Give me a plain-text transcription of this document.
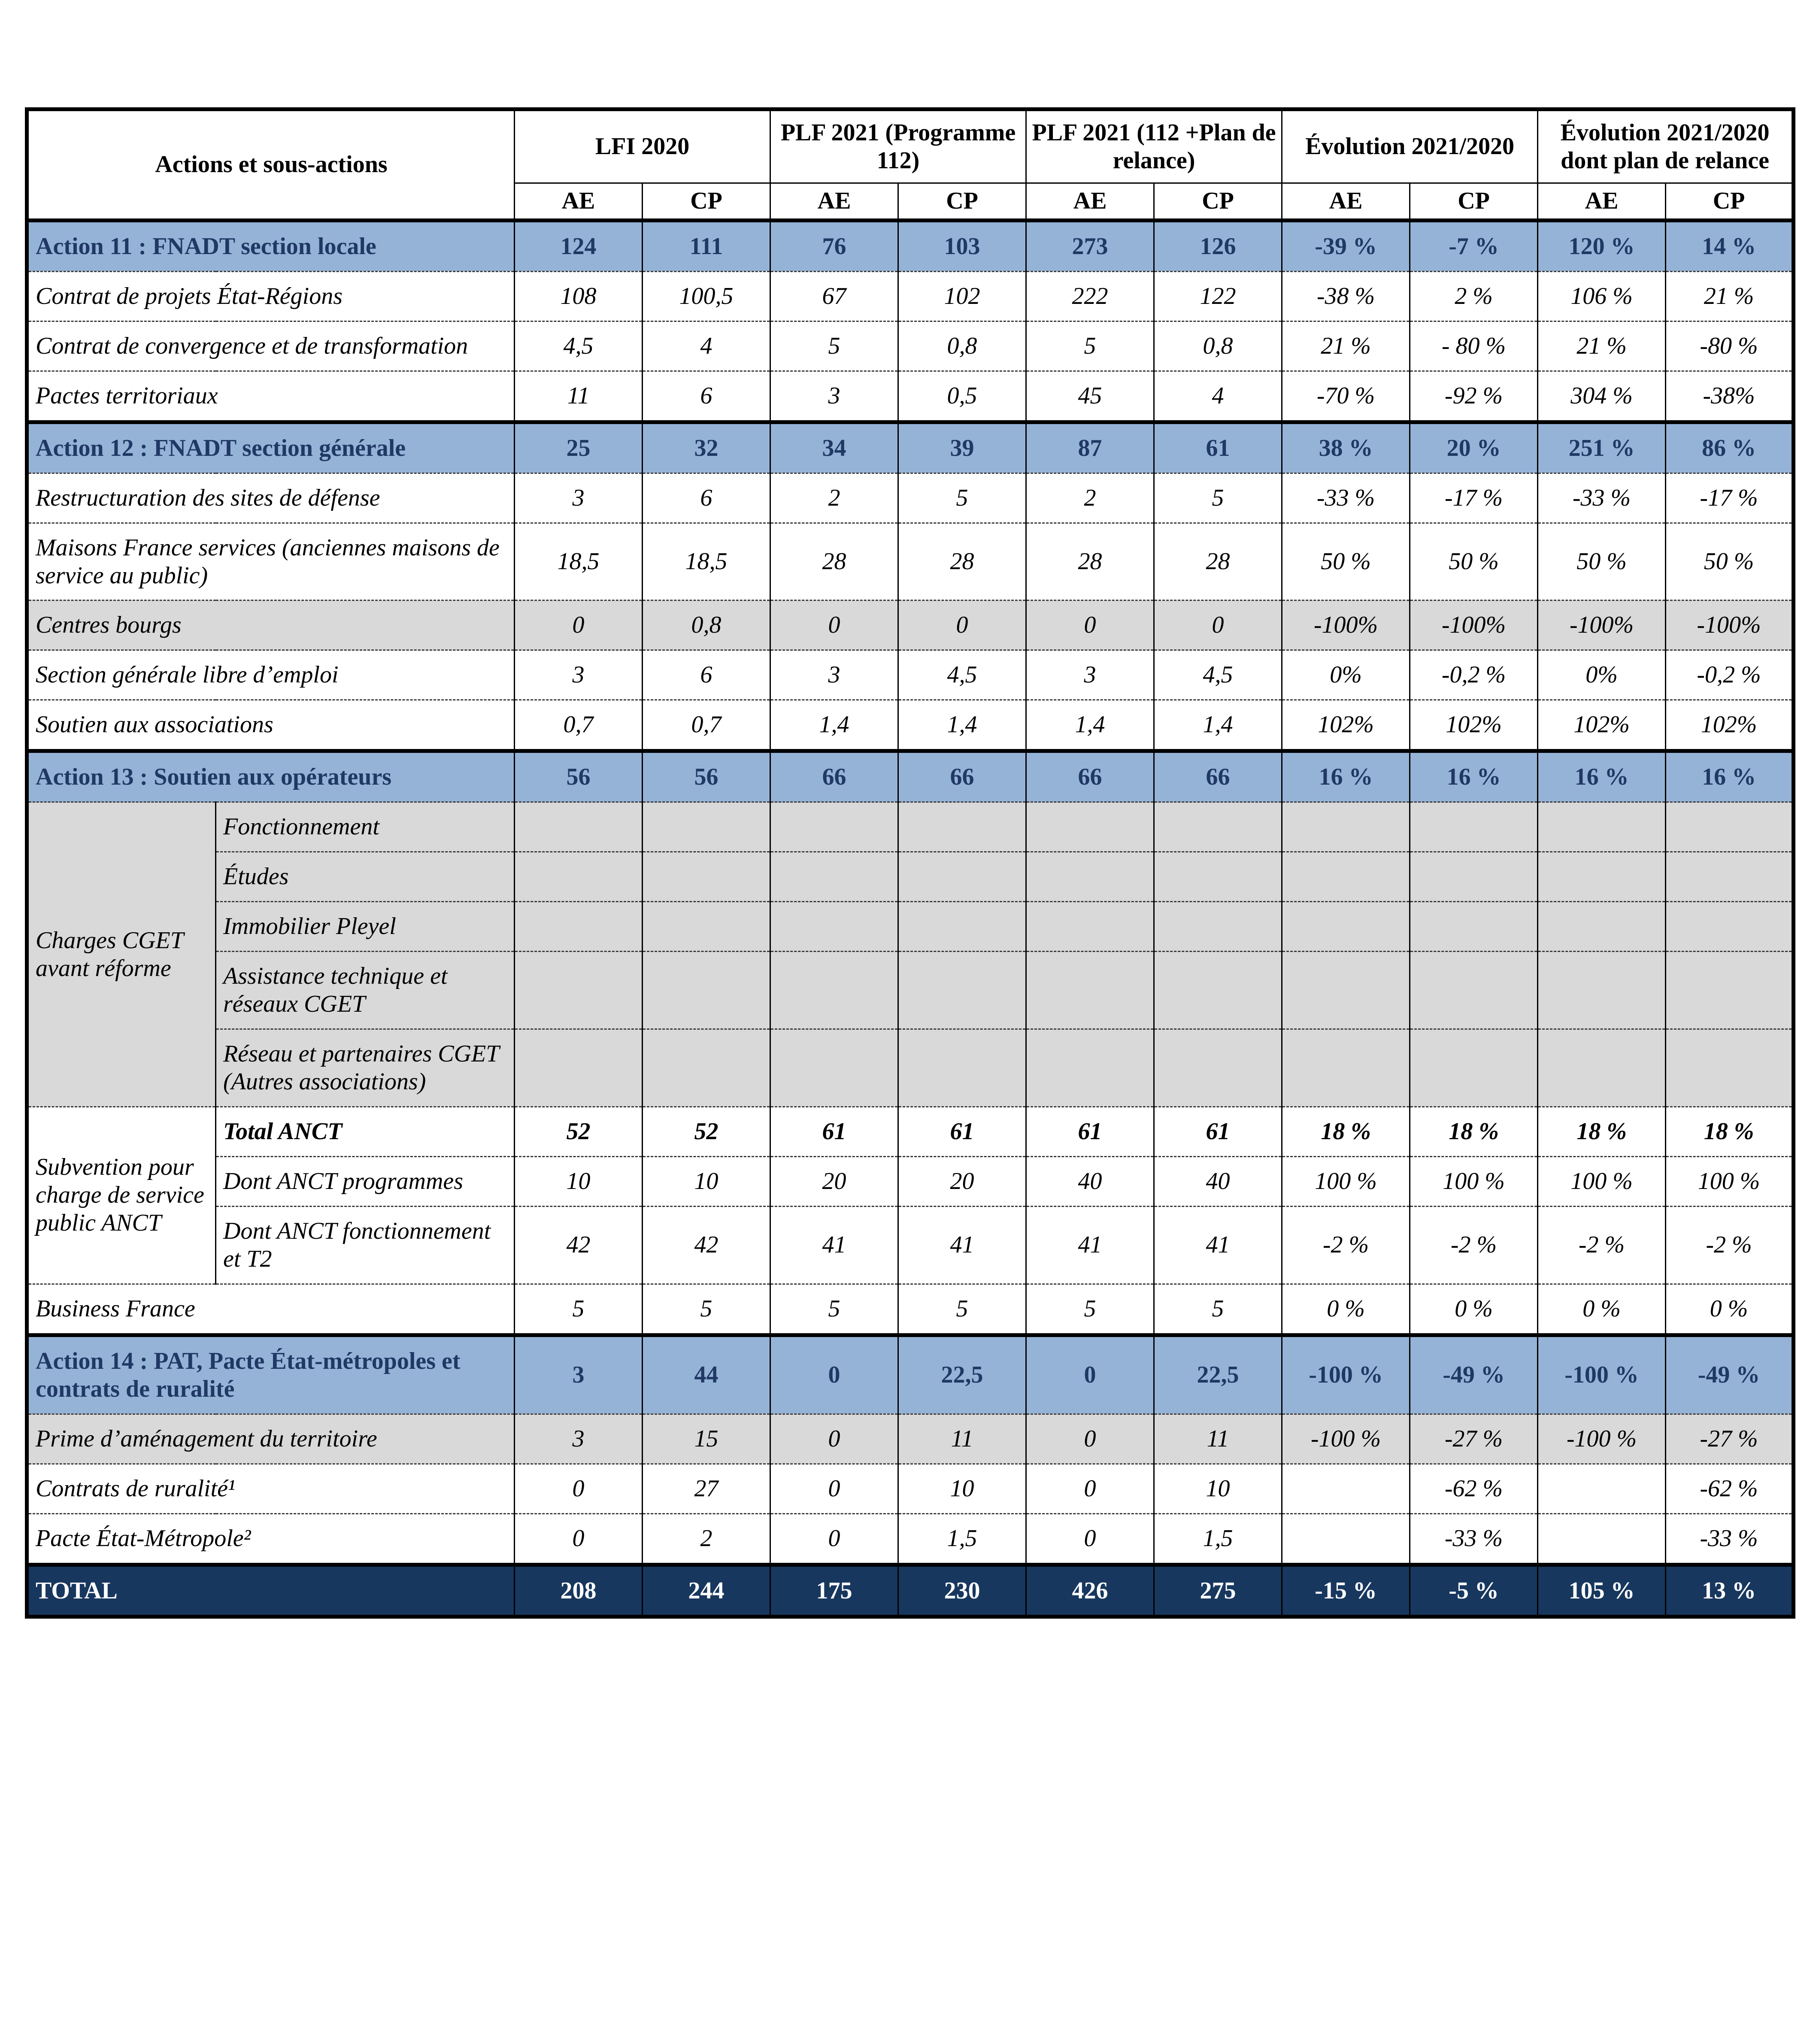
Actions et sous-actions		LFI 2020		PLF 2021 (Programme 112)		PLF 2021 (112 +Plan de relance)		Évolution 2021/2020		Évolution 2021/2020 dont plan de relance	
		AE	CP	AE	CP	AE	CP	AE	CP	AE	CP
Action 11 : FNADT section locale		124	111	76	103	273	126	-39 %	-7 %	120 %	14 %
Contrat de projets État-Régions		108	100,5	67	102	222	122	-38 %	2 %	106 %	21 %
Contrat de convergence et de transformation		4,5	4	5	0,8	5	0,8	21 %	- 80 %	21 %	-80 %
Pactes territoriaux		11	6	3	0,5	45	4	-70 %	-92 %	304 %	-38%
Action 12 : FNADT section générale		25	32	34	39	87	61	38 %	20 %	251 %	86 %
Restructuration des sites de défense		3	6	2	5	2	5	-33 %	-17 %	-33 %	-17 %
Maisons France services (anciennes maisons de service au public)		18,5	18,5	28	28	28	28	50 %	50 %	50 %	50 %
Centres bourgs		0	0,8	0	0	0	0	-100%	-100%	-100%	-100%
Section générale libre d’emploi		3	6	3	4,5	3	4,5	0%	-0,2 %	0%	-0,2 %
Soutien aux associations		0,7	0,7	1,4	1,4	1,4	1,4	102%	102%	102%	102%
Action 13 : Soutien aux opérateurs		56	56	66	66	66	66	16 %	16 %	16 %	16 %
Charges CGET avant réforme	Fonctionnement										
	Études										
	Immobilier Pleyel										
	Assistance technique et réseaux CGET										
	Réseau et partenaires CGET (Autres associations)										
Subvention pour charge de service public ANCT	Total ANCT	52	52	61	61	61	61	18 %	18 %	18 %	18 %
	Dont ANCT programmes	10	10	20	20	40	40	100 %	100 %	100 %	100 %
	Dont ANCT fonctionnement et T2	42	42	41	41	41	41	-2 %	-2 %	-2 %	-2 %
Business France		5	5	5	5	5	5	0 %	0 %	0 %	0 %
Action 14 : PAT, Pacte État-métropoles et contrats de ruralité		3	44	0	22,5	0	22,5	-100 %	-49 %	-100 %	-49 %
Prime d’aménagement du territoire		3	15	0	11	0	11	-100 %	-27 %	-100 %	-27 %
Contrats de ruralité¹		0	27	0	10	0	10		-62 %		-62 %
Pacte État-Métropole²		0	2	0	1,5	0	1,5		-33 %		-33 %
TOTAL		208	244	175	230	426	275	-15 %	-5 %	105 %	13 %
